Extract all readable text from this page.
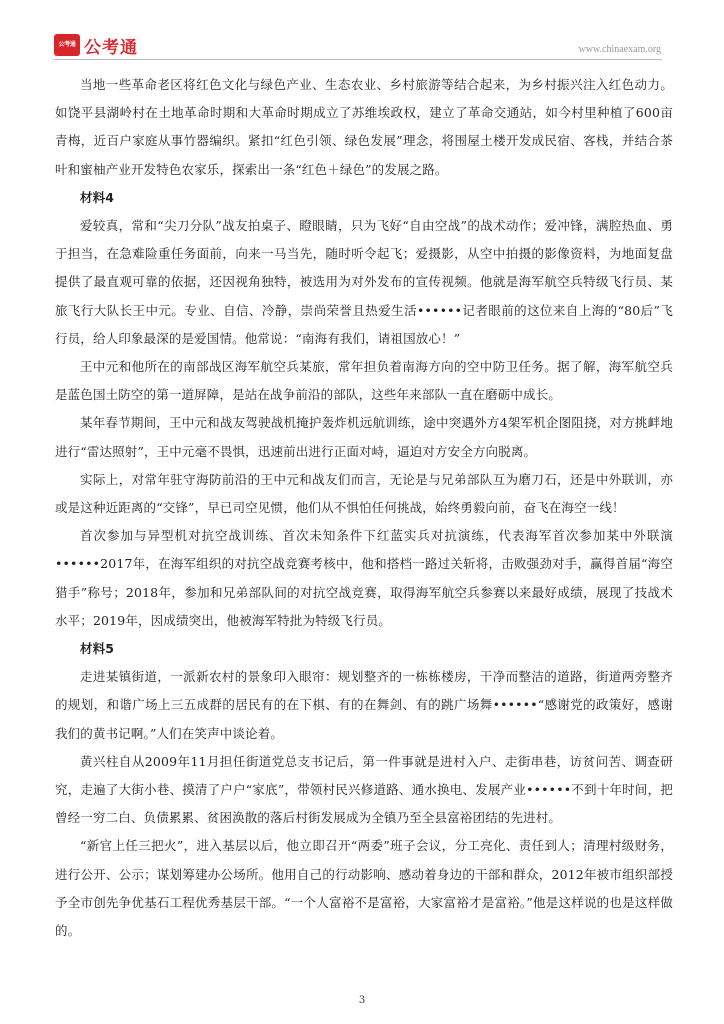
公考通 公考通	www.chinaexam.org

当地一些革命老区将红色文化与绿色产业、生态农业、乡村旅游等结合起来，为乡村振兴注入红色动力。如饶平县湖岭村在土地革命时期和大革命时期成立了苏维埃政权，建立了革命交通站，如今村里种植了600亩青梅，近百户家庭从事竹器编织。紧扣“红色引领、绿色发展”理念，将围屋土楼开发成民宿、客栈，并结合茶叶和蜜柚产业开发特色农家乐，探索出一条“红色＋绿色”的发展之路。

材料4

爱较真，常和“尖刀分队”战友拍桌子、瞪眼睛，只为飞好“自由空战”的战术动作；爱冲锋，满腔热血、勇于担当，在急难险重任务面前，向来一马当先，随时听令起飞；爱摄影，从空中拍摄的影像资料，为地面复盘提供了最直观可靠的依据，还因视角独特，被选用为对外发布的宣传视频。他就是海军航空兵特级飞行员、某旅飞行大队长王中元。专业、自信、冷静，崇尚荣誉且热爱生活••••••记者眼前的这位来自上海的“80后”飞行员，给人印象最深的是爱国情。他常说：“南海有我们，请祖国放心！”

王中元和他所在的南部战区海军航空兵某旅，常年担负着南海方向的空中防卫任务。据了解，海军航空兵是蓝色国土防空的第一道屏障，是站在战争前沿的部队，这些年来部队一直在磨砺中成长。

某年春节期间，王中元和战友驾驶战机掩护轰炸机远航训练，途中突遇外方4架军机企图阻挠，对方挑衅地进行“雷达照射”，王中元毫不畏惧，迅速前出进行正面对峙，逼迫对方安全方向脱离。

实际上，对常年驻守海防前沿的王中元和战友们而言，无论是与兄弟部队互为磨刀石，还是中外联训，亦或是这种近距离的“交锋”，早已司空见惯，他们从不惧怕任何挑战，始终勇毅向前，奋飞在海空一线！

首次参加与异型机对抗空战训练、首次未知条件下红蓝实兵对抗演练，代表海军首次参加某中外联演••••••2017年，在海军组织的对抗空战竞赛考核中，他和搭档一路过关斩将，击败强劲对手，赢得首届“海空猎手”称号；2018年，参加和兄弟部队间的对抗空战竞赛，取得海军航空兵参赛以来最好成绩，展现了技战术水平；2019年，因成绩突出，他被海军特批为特级飞行员。

材料5

走进某镇街道，一派新农村的景象印入眼帘：规划整齐的一栋栋楼房，干净而整洁的道路，街道两旁整齐的规划，和谐广场上三五成群的居民有的在下棋、有的在舞剑、有的跳广场舞••••••“感谢党的政策好，感谢我们的黄书记啊。”人们在笑声中谈论着。

黄兴柱自从2009年11月担任街道党总支书记后，第一件事就是进村入户、走街串巷，访贫问苦、调查研究，走遍了大街小巷、摸清了户户“家底”，带领村民兴修道路、通水换电、发展产业••••••不到十年时间，把曾经一穷二白、负债累累、贫困涣散的落后村街发展成为全镇乃至全县富裕团结的先进村。

“新官上任三把火”，进入基层以后，他立即召开“两委”班子会议，分工亮化、责任到人；清理村级财务，进行公开、公示；谋划筹建办公场所。他用自己的行动影响、感动着身边的干部和群众，2012年被市组织部授予全市创先争优基石工程优秀基层干部。“一个人富裕不是富裕，大家富裕才是富裕。”他是这样说的也是这样做的。

3
